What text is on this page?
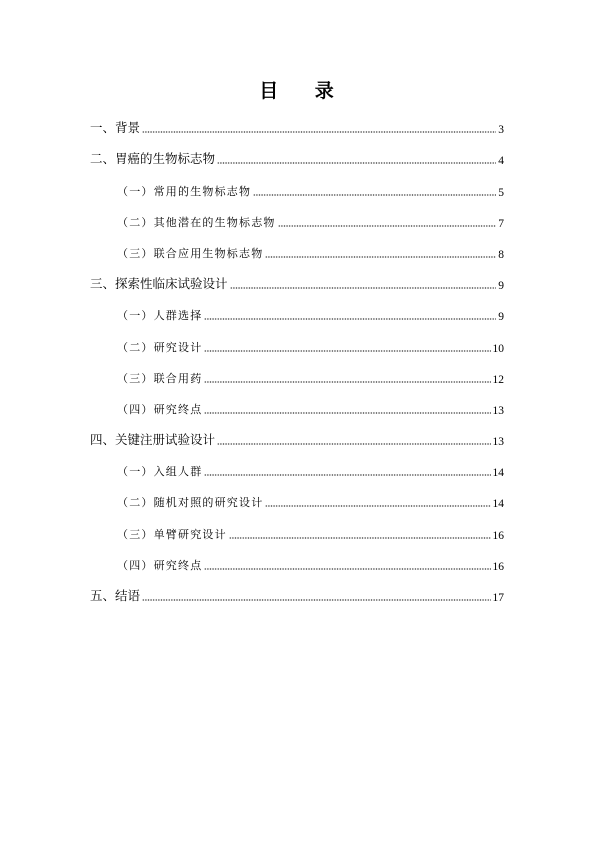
目    录
一、背景	3
二、胃癌的生物标志物	4
（一）常用的生物标志物	5
（二）其他潜在的生物标志物	7
（三）联合应用生物标志物	8
三、探索性临床试验设计	9
（一）人群选择	9
（二）研究设计	10
（三）联合用药	12
（四）研究终点	13
四、关键注册试验设计	13
（一）入组人群	14
（二）随机对照的研究设计	14
（三）单臂研究设计	16
（四）研究终点	16
五、结语	17
